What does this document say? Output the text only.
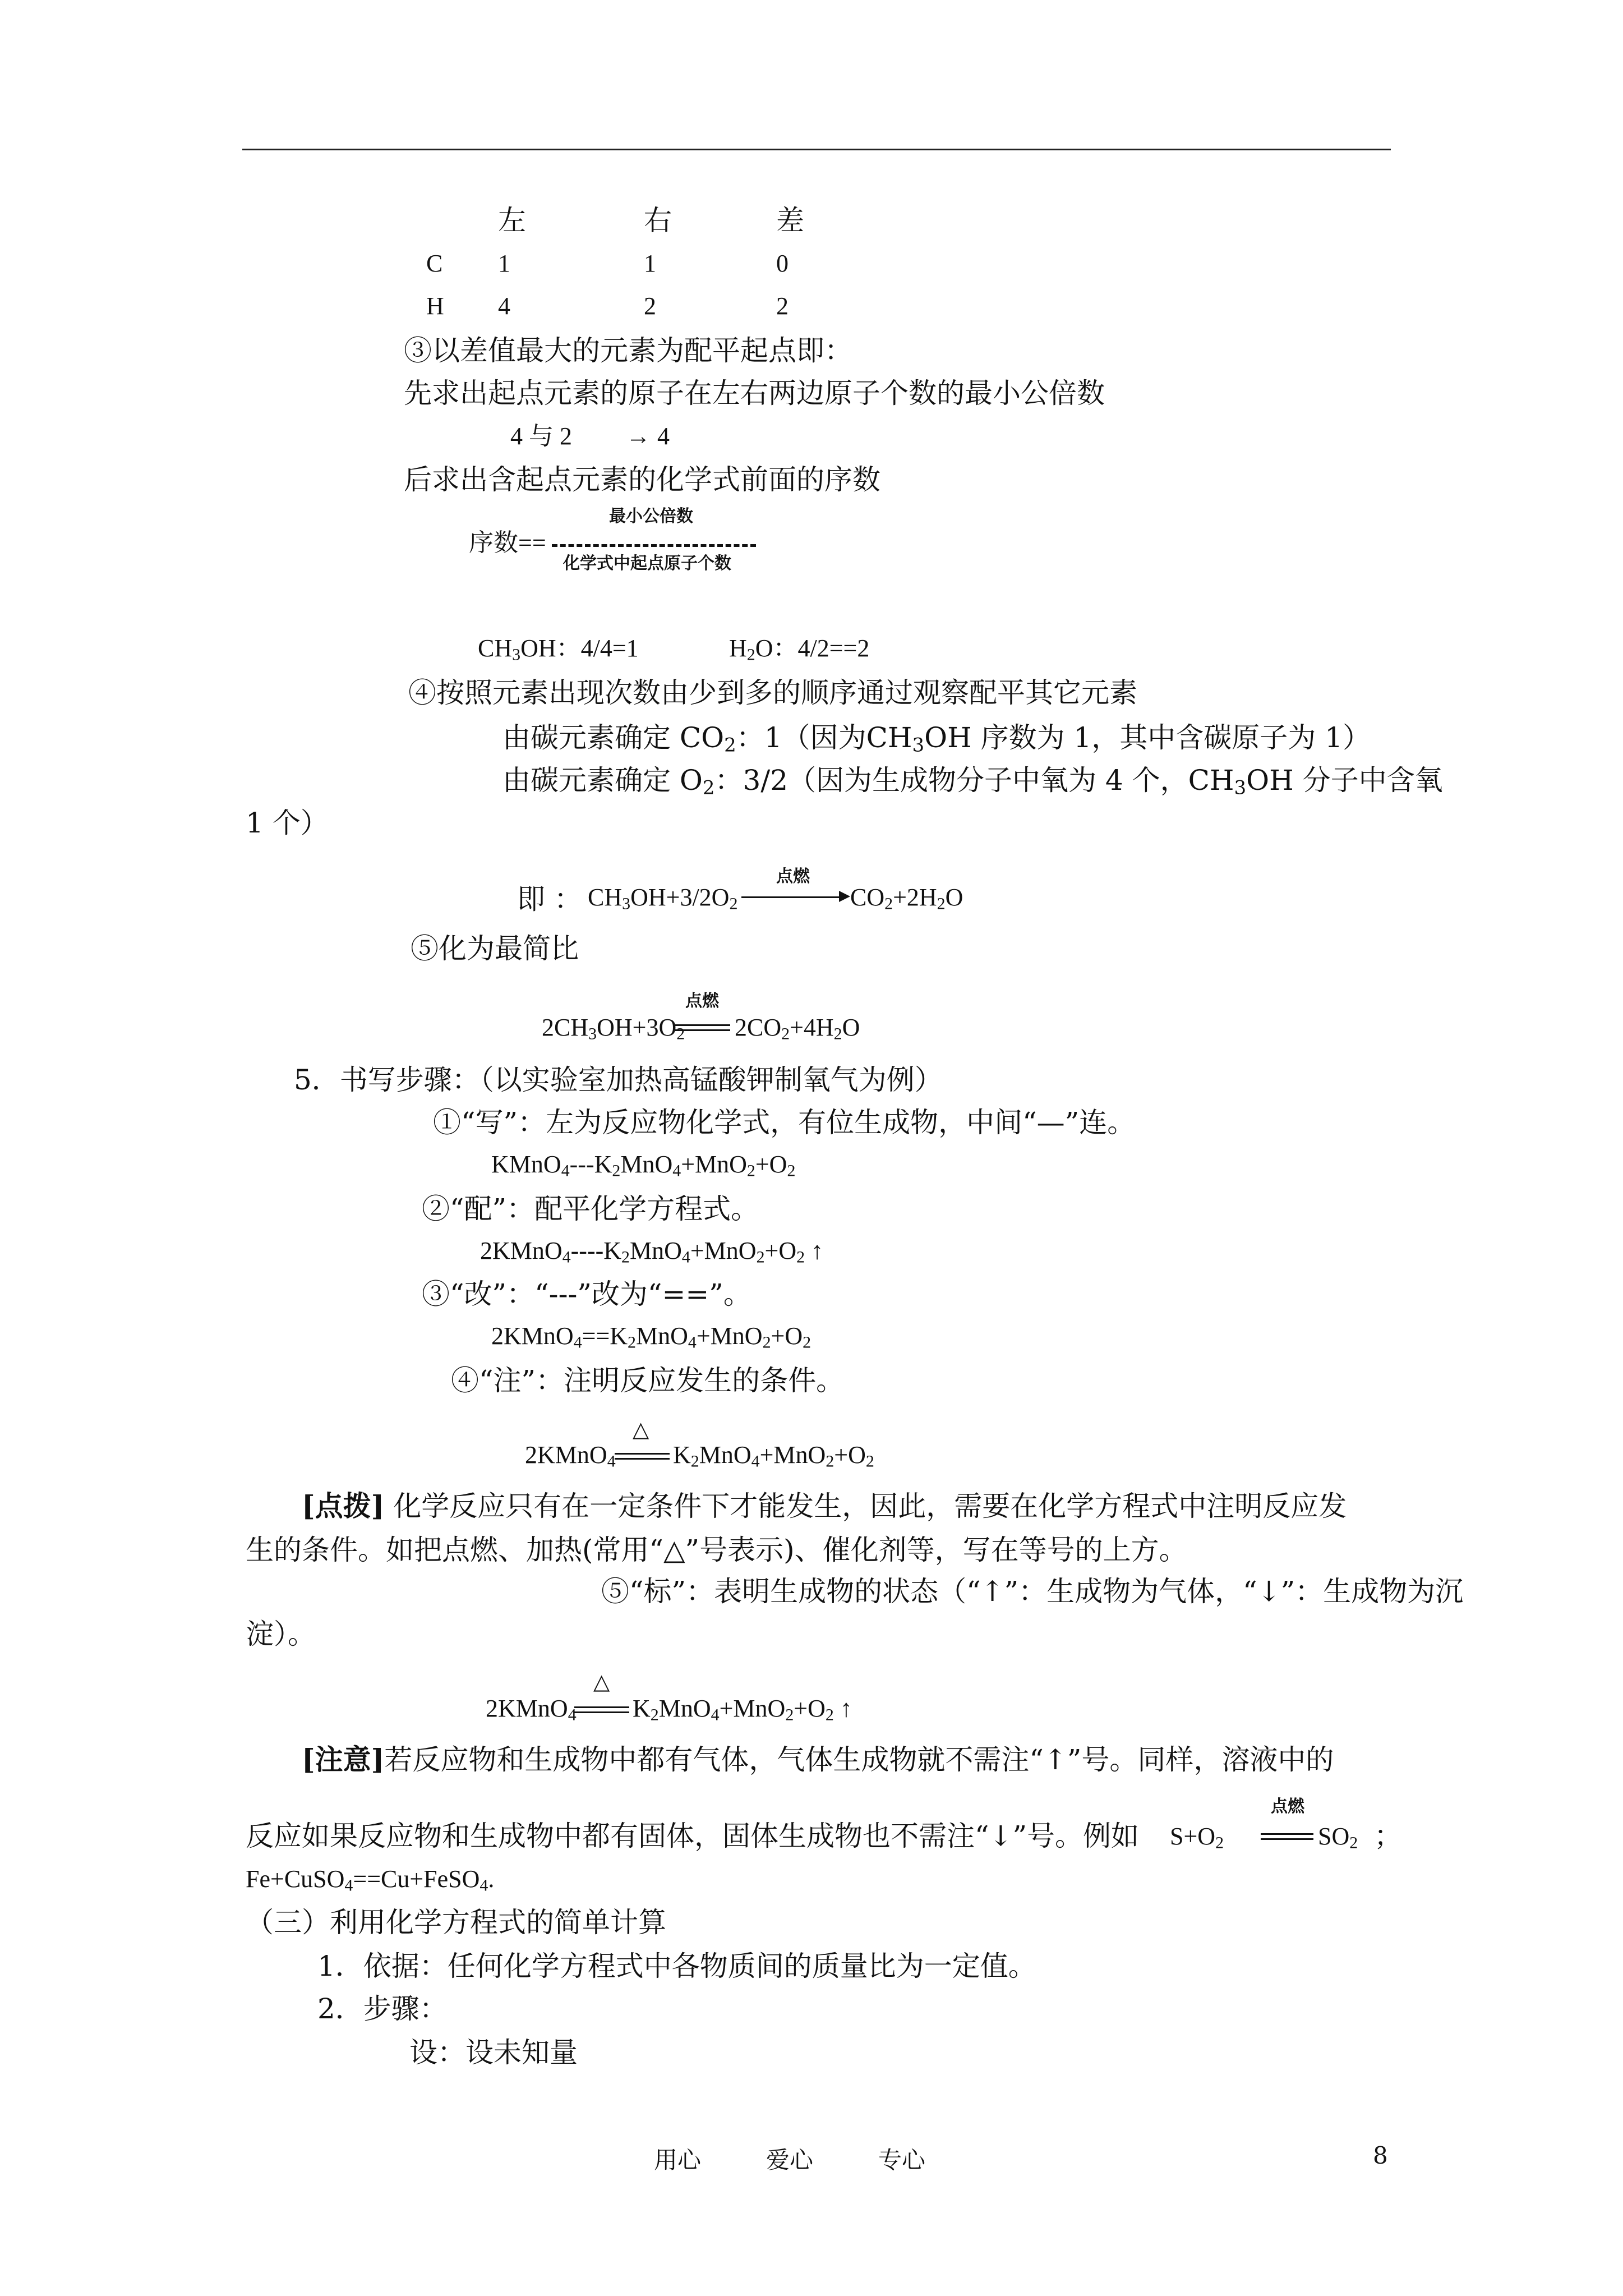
左	右	差
C 1	1	0
H 4	2	2
③以差值最大的元素为配平起点即：
先求出起点元素的原子在左右两边原子个数的最小公倍数
4 与 2 → 4
后求出含起点元素的化学式前面的序数
最小公倍数
序数==
化学式中起点原子个数
$CH_3OH$：4/4=1	$H_2O$：4/2==2
④按照元素出现次数由少到多的顺序通过观察配平其它元素
由碳元素确定 $CO_2$：1（因为$CH_3OH$ 序数为 1，其中含碳原子为 1）
由碳元素确定 $O_2$：3/2（因为生成物分子中氧为 4 个，$CH_3OH$ 分子中含氧
1 个）
即 ： $CH_3OH+3/2O_2$
点燃
$CO_2+2H_2O$
⑤化为最简比
点燃
$2CH_3OH+3O_2$ $2CO_2+4H_2O$
5．书写步骤：（以实验室加热高锰酸钾制氧气为例）
①“写”：左为反应物化学式，有位生成物，中间“—”连。
$KMnO_4---K_2MnO_4+MnO_2+O_2$
②“配”：配平化学方程式。
$2KMnO_4----K_2MnO_4+MnO_2+O_2$ ↑
③“改”：“---”改为“==”。
$2KMnO_4==K_2MnO_4+MnO_2+O_2$
④“注”：注明反应发生的条件。
△
2KMnO$_4$ $K_2MnO_4+MnO_2+O_2$
[点拨] 化学反应只有在一定条件下才能发生，因此，需要在化学方程式中注明反应发
生的条件。如把点燃、加热(常用“△”号表示)、催化剂等，写在等号的上方。
⑤“标”：表明生成物的状态（“↑”：生成物为气体，“↓”：生成物为沉
淀）。
△
2KMnO$_4$ $K_2MnO_4+MnO_2+O_2$ ↑
[注意]若反应物和生成物中都有气体，气体生成物就不需注“↑”号。同样，溶液中的
点燃
反应如果反应物和生成物中都有固体，固体生成物也不需注“↓”号。例如 $S+O_2$	$SO_2$ ；
Fe+CuSO$_4$==Cu+FeSO$_4$.
（三）利用化学方程式的简单计算
1．依据：任何化学方程式中各物质间的质量比为一定值。
2．步骤：
设：设未知量
用心	爱心	专心	8
